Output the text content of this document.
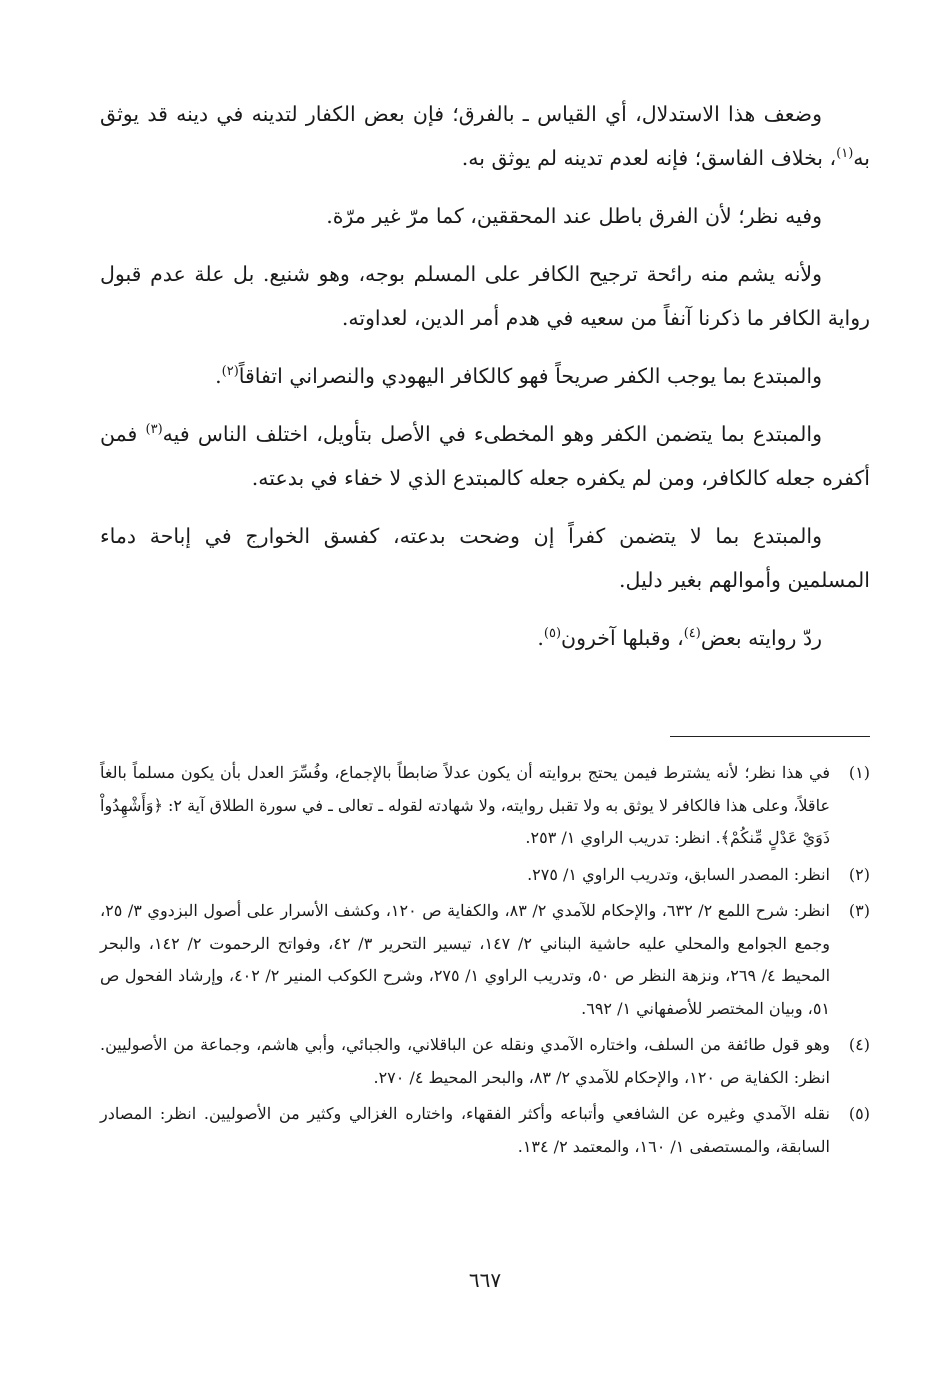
وضعف هذا الاستدلال، أي القياس ـ بالفرق؛ فإن بعض الكفار لتدينه في دينه قد يوثق به$^{(١)}$، بخلاف الفاسق؛ فإنه لعدم تدينه لم يوثق به.

وفيه نظر؛ لأن الفرق باطل عند المحققين، كما مرّ غير مرّة.

ولأنه يشم منه رائحة ترجيح الكافر على المسلم بوجه، وهو شنيع. بل علة عدم قبول رواية الكافر ما ذكرنا آنفاً من سعيه في هدم أمر الدين، لعداوته.

والمبتدع بما يوجب الكفر صريحاً فهو كالكافر اليهودي والنصراني اتفاقاً$^{(٢)}$.

والمبتدع بما يتضمن الكفر وهو المخطىء في الأصل بتأويل، اختلف الناس فيه$^{(٣)}$ فمن أكفره جعله كالكافر، ومن لم يكفره جعله كالمبتدع الذي لا خفاء في بدعته.

والمبتدع بما لا يتضمن كفراً إن وضحت بدعته، كفسق الخوارج في إباحة دماء المسلمين وأموالهم بغير دليل.

ردّ روايته بعض$^{(٤)}$، وقبلها آخرون$^{(٥)}$.

(١)
في هذا نظر؛ لأنه يشترط فيمن يحتج بروايته أن يكون عدلاً ضابطاً بالإجماع، وفُسِّرَ العدل بأن يكون مسلماً بالغاً عاقلاً، وعلى هذا فالكافر لا يوثق به ولا تقبل روايته، ولا شهادته لقوله ـ تعالى ـ في سورة الطلاق آية ٢: ﴿وَأَشْهِدُواْ ذَوَيْ عَدْلٍ مِّنكُمْ﴾. انظر: تدريب الراوي ١/ ٢٥٣.
(٢)
انظر: المصدر السابق، وتدريب الراوي ١/ ٢٧٥.
(٣)
انظر: شرح اللمع ٢/ ٦٣٢، والإحكام للآمدي ٢/ ٨٣، والكفاية ص ١٢٠، وكشف الأسرار على أصول البزدوي ٣/ ٢٥، وجمع الجوامع والمحلي عليه حاشية البناني ٢/ ١٤٧، تيسير التحرير ٣/ ٤٢، وفواتح الرحموت ٢/ ١٤٢، والبحر المحيط ٤/ ٢٦٩، ونزهة النظر ص ٥٠، وتدريب الراوي ١/ ٢٧٥، وشرح الكوكب المنير ٢/ ٤٠٢، وإرشاد الفحول ص ٥١، وبيان المختصر للأصفهاني ١/ ٦٩٢.
(٤)
وهو قول طائفة من السلف، واختاره الآمدي ونقله عن الباقلاني، والجبائي، وأبي هاشم، وجماعة من الأصوليين. انظر: الكفاية ص ١٢٠، والإحكام للآمدي ٢/ ٨٣، والبحر المحيط ٤/ ٢٧٠.
(٥)
نقله الآمدي وغيره عن الشافعي وأتباعه وأكثر الفقهاء، واختاره الغزالي وكثير من الأصوليين. انظر: المصادر السابقة، والمستصفى ١/ ١٦٠، والمعتمد ٢/ ١٣٤.
٦٦٧
